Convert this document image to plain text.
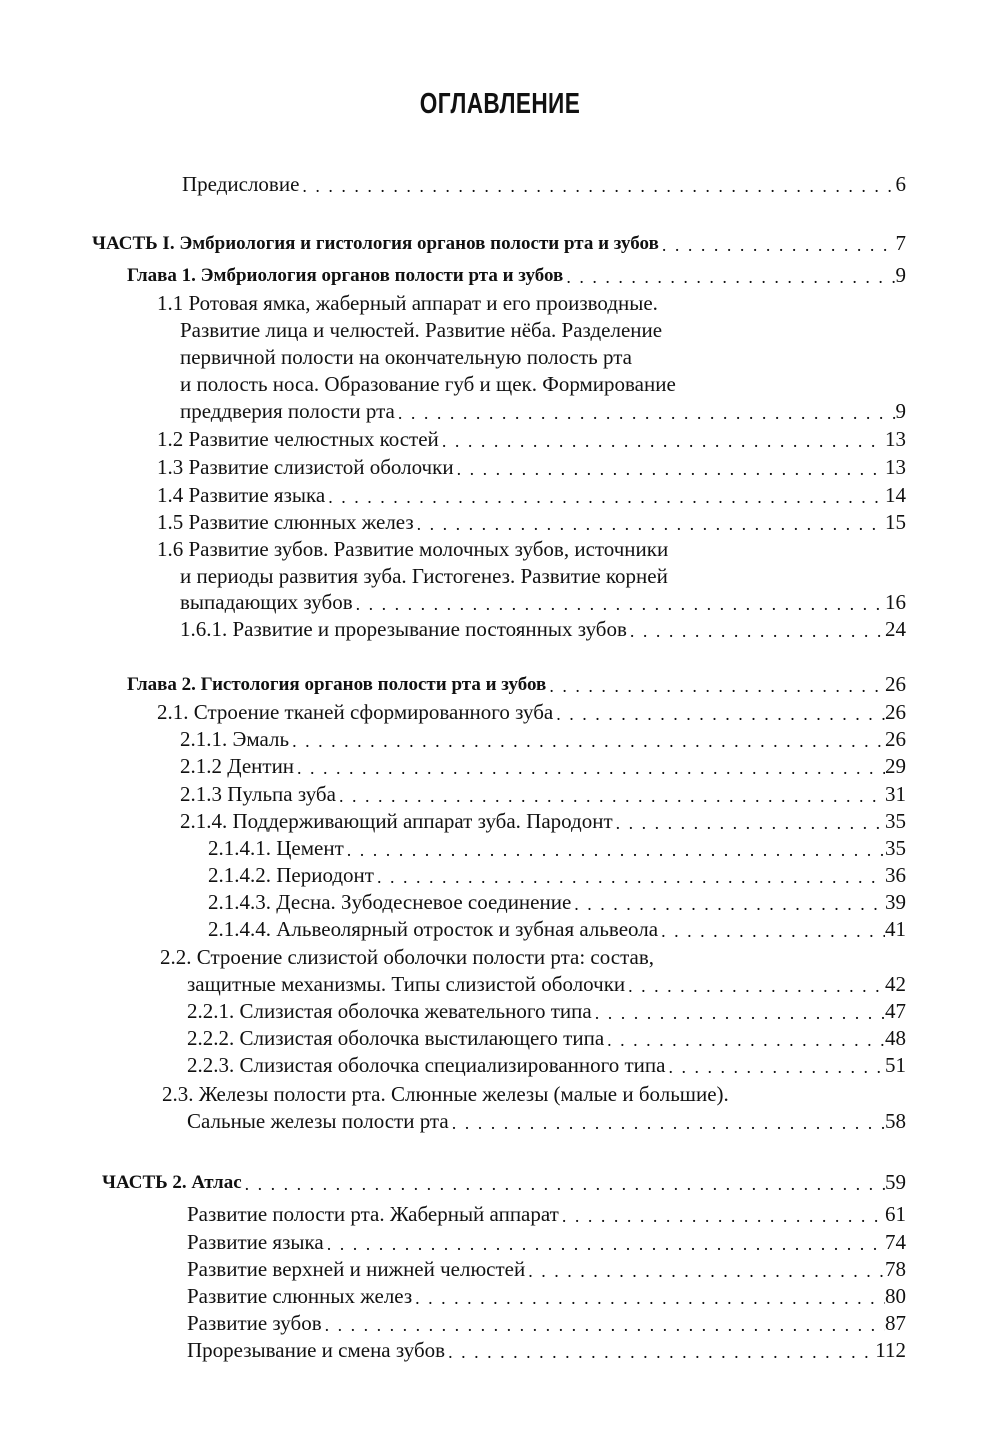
ОГЛАВЛЕНИЕ
Предисловие . . .	6
ЧАСТЬ I. Эмбриология и гистология органов полости рта и зубов . . .	7
Глава 1. Эмбриология органов полости рта и зубов . . .	9
1.1 Ротовая ямка, жаберный аппарат и его производные.
Развитие лица и челюстей. Развитие нёба. Разделение
первичной полости на окончательную полость рта
и полость носа. Образование губ и щек. Формирование
преддверия полости рта . . .	9
1.2 Развитие челюстных костей . . .	13
1.3 Развитие слизистой оболочки . . .	13
1.4 Развитие языка . . .	14
1.5 Развитие слюнных желез . . .	15
1.6 Развитие зубов. Развитие молочных зубов, источники
и периоды развития зуба. Гистогенез. Развитие корней
выпадающих зубов . . .	16
1.6.1. Развитие и прорезывание постоянных зубов . . .	24
Глава 2. Гистология органов полости рта и зубов . . .	26
2.1. Строение тканей сформированного зуба . . .	26
2.1.1. Эмаль . . .	26
2.1.2 Дентин . . .	29
2.1.3 Пульпа зуба . . .	31
2.1.4. Поддерживающий аппарат зуба. Пародонт . . .	35
2.1.4.1. Цемент . . .	35
2.1.4.2. Периодонт . . .	36
2.1.4.3. Десна. Зубодесневое соединение . . .	39
2.1.4.4. Альвеолярный отросток и зубная альвеола . . .	41
2.2. Строение слизистой оболочки полости рта: состав,
защитные механизмы. Типы слизистой оболочки . . .	42
2.2.1. Слизистая оболочка жевательного типа . . .	47
2.2.2. Слизистая оболочка выстилающего типа . . .	48
2.2.3. Слизистая оболочка специализированного типа . . .	51
2.3. Железы полости рта. Слюнные железы (малые и большие).
Сальные железы полости рта . . .	58
ЧАСТЬ 2. Атлас . . .	59
Развитие полости рта. Жаберный аппарат . . .	61
Развитие языка . . .	74
Развитие верхней и нижней челюстей . . .	78
Развитие слюнных желез . . .	80
Развитие зубов . . .	87
Прорезывание и смена зубов . . .	112
